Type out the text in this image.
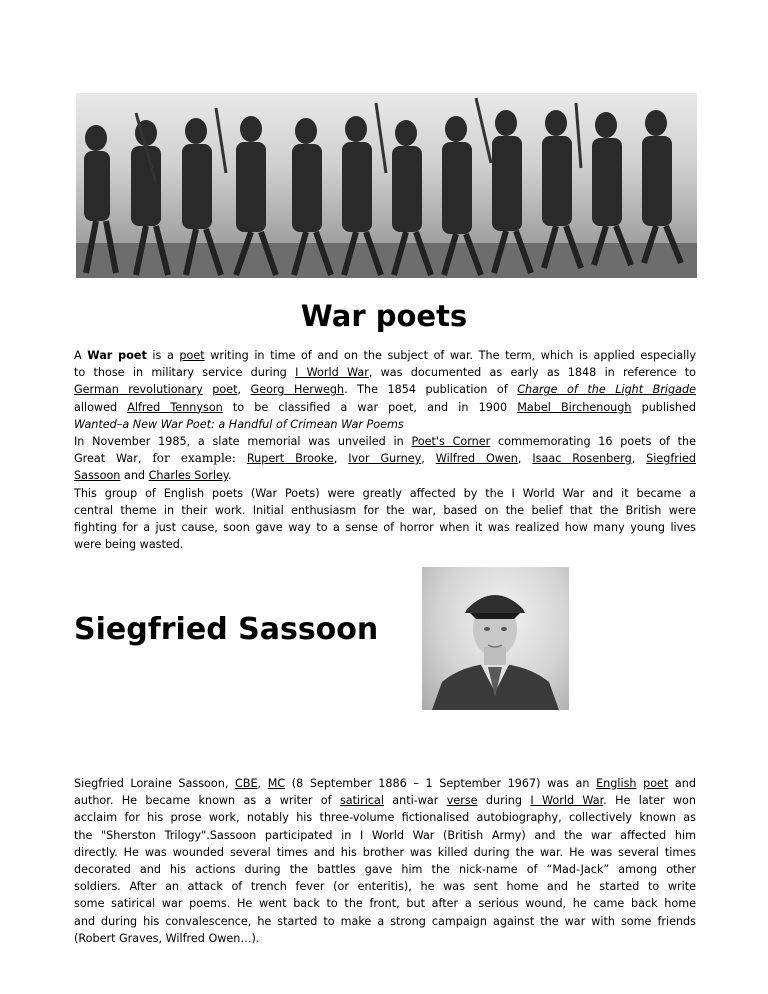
War poets
A War poet is a poet writing in time of and on the subject of war. The term, which is applied especially
to those in military service during I World War, was documented as early as 1848 in reference to
German revolutionary poet, Georg Herwegh. The 1854 publication of Charge of the Light Brigade
allowed Alfred Tennyson to be classified a war poet, and in 1900 Mabel Birchenough published
Wanted–a New War Poet: a Handful of Crimean War Poems
In November 1985, a slate memorial was unveiled in Poet's Corner commemorating 16 poets of the
Great War, for example: Rupert Brooke, Ivor Gurney, Wilfred Owen, Isaac Rosenberg, Siegfried
Sassoon and Charles Sorley.
This group of English poets (War Poets) were greatly affected by the I World War and it became a
central theme in their work. Initial enthusiasm for the war, based on the belief that the British were
fighting for a just cause, soon gave way to a sense of horror when it was realized how many young lives
were being wasted.
Siegfried Sassoon
Siegfried Loraine Sassoon, CBE, MC (8 September 1886 – 1 September 1967) was an English poet and
author. He became known as a writer of satirical anti-war verse during I World War. He later won
acclaim for his prose work, notably his three-volume fictionalised autobiography, collectively known as
the "Sherston Trilogy".Sassoon participated in I World War (British Army) and the war affected him
directly. He was wounded several times and his brother was killed during the war. He was several times
decorated and his actions during the battles gave him the nick-name of “Mad-Jack” among other
soldiers. After an attack of trench fever (or enteritis), he was sent home and he started to write
some satirical war poems. He went back to the front, but after a serious wound, he came back home
and during his convalescence, he started to make a strong campaign against the war with some friends
(Robert Graves, Wilfred Owen…).
